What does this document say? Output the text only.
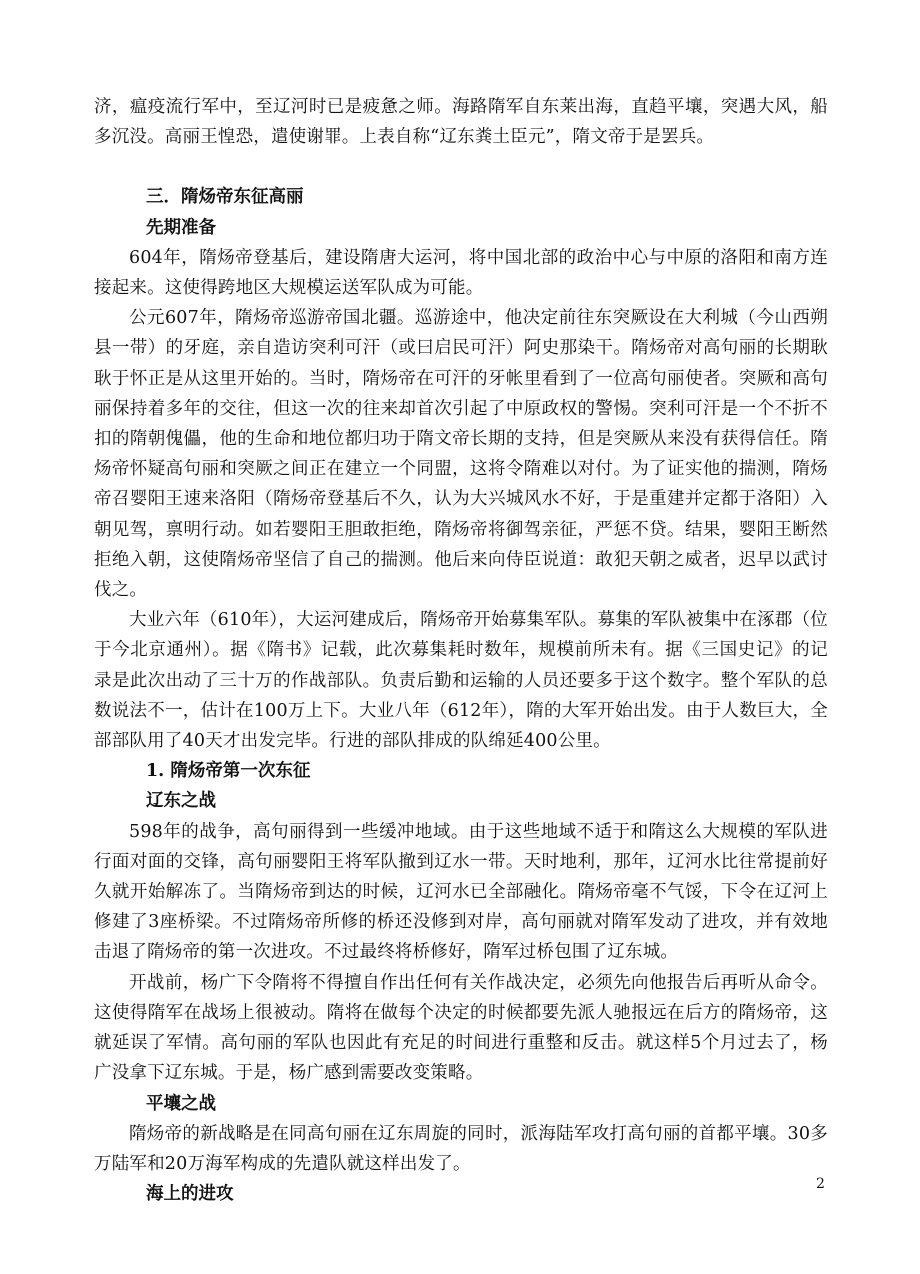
济，瘟疫流行军中，至辽河时已是疲惫之师。海路隋军自东莱出海，直趋平壤，突遇大风，船多沉没。高丽王惶恐，遣使谢罪。上表自称“辽东粪土臣元”，隋文帝于是罢兵。

三．隋炀帝东征高丽
先期准备

604年，隋炀帝登基后，建设隋唐大运河，将中国北部的政治中心与中原的洛阳和南方连接起来。这使得跨地区大规模运送军队成为可能。

公元607年，隋炀帝巡游帝国北疆。巡游途中，他决定前往东突厥设在大利城（今山西朔县一带）的牙庭，亲自造访突利可汗（或曰启民可汗）阿史那染干。隋炀帝对高句丽的长期耿耿于怀正是从这里开始的。当时，隋炀帝在可汗的牙帐里看到了一位高句丽使者。突厥和高句丽保持着多年的交往，但这一次的往来却首次引起了中原政权的警惕。突利可汗是一个不折不扣的隋朝傀儡，他的生命和地位都归功于隋文帝长期的支持，但是突厥从来没有获得信任。隋炀帝怀疑高句丽和突厥之间正在建立一个同盟，这将令隋难以对付。为了证实他的揣测，隋炀帝召婴阳王速来洛阳（隋炀帝登基后不久，认为大兴城风水不好，于是重建并定都于洛阳）入朝见驾，禀明行动。如若婴阳王胆敢拒绝，隋炀帝将御驾亲征，严惩不贷。结果，婴阳王断然拒绝入朝，这使隋炀帝坚信了自己的揣测。他后来向侍臣说道：敢犯天朝之威者，迟早以武讨伐之。

大业六年（610年），大运河建成后，隋炀帝开始募集军队。募集的军队被集中在涿郡（位于今北京通州）。据《隋书》记载，此次募集耗时数年，规模前所未有。据《三国史记》的记录是此次出动了三十万的作战部队。负责后勤和运输的人员还要多于这个数字。整个军队的总数说法不一，估计在100万上下。大业八年（612年），隋的大军开始出发。由于人数巨大，全部部队用了40天才出发完毕。行进的部队排成的队绵延400公里。

1. 隋炀帝第一次东征
辽东之战

598年的战争，高句丽得到一些缓冲地域。由于这些地域不适于和隋这么大规模的军队进行面对面的交锋，高句丽婴阳王将军队撤到辽水一带。天时地利，那年，辽河水比往常提前好久就开始解冻了。当隋炀帝到达的时候，辽河水已全部融化。隋炀帝毫不气馁，下令在辽河上修建了3座桥梁。不过隋炀帝所修的桥还没修到对岸，高句丽就对隋军发动了进攻，并有效地击退了隋炀帝的第一次进攻。不过最终将桥修好，隋军过桥包围了辽东城。

开战前，杨广下令隋将不得擅自作出任何有关作战决定，必须先向他报告后再听从命令。这使得隋军在战场上很被动。隋将在做每个决定的时候都要先派人驰报远在后方的隋炀帝，这就延误了军情。高句丽的军队也因此有充足的时间进行重整和反击。就这样5个月过去了，杨广没拿下辽东城。于是，杨广感到需要改变策略。

平壤之战

隋炀帝的新战略是在同高句丽在辽东周旋的同时，派海陆军攻打高句丽的首都平壤。30多万陆军和20万海军构成的先遣队就这样出发了。

海上的进攻
2
